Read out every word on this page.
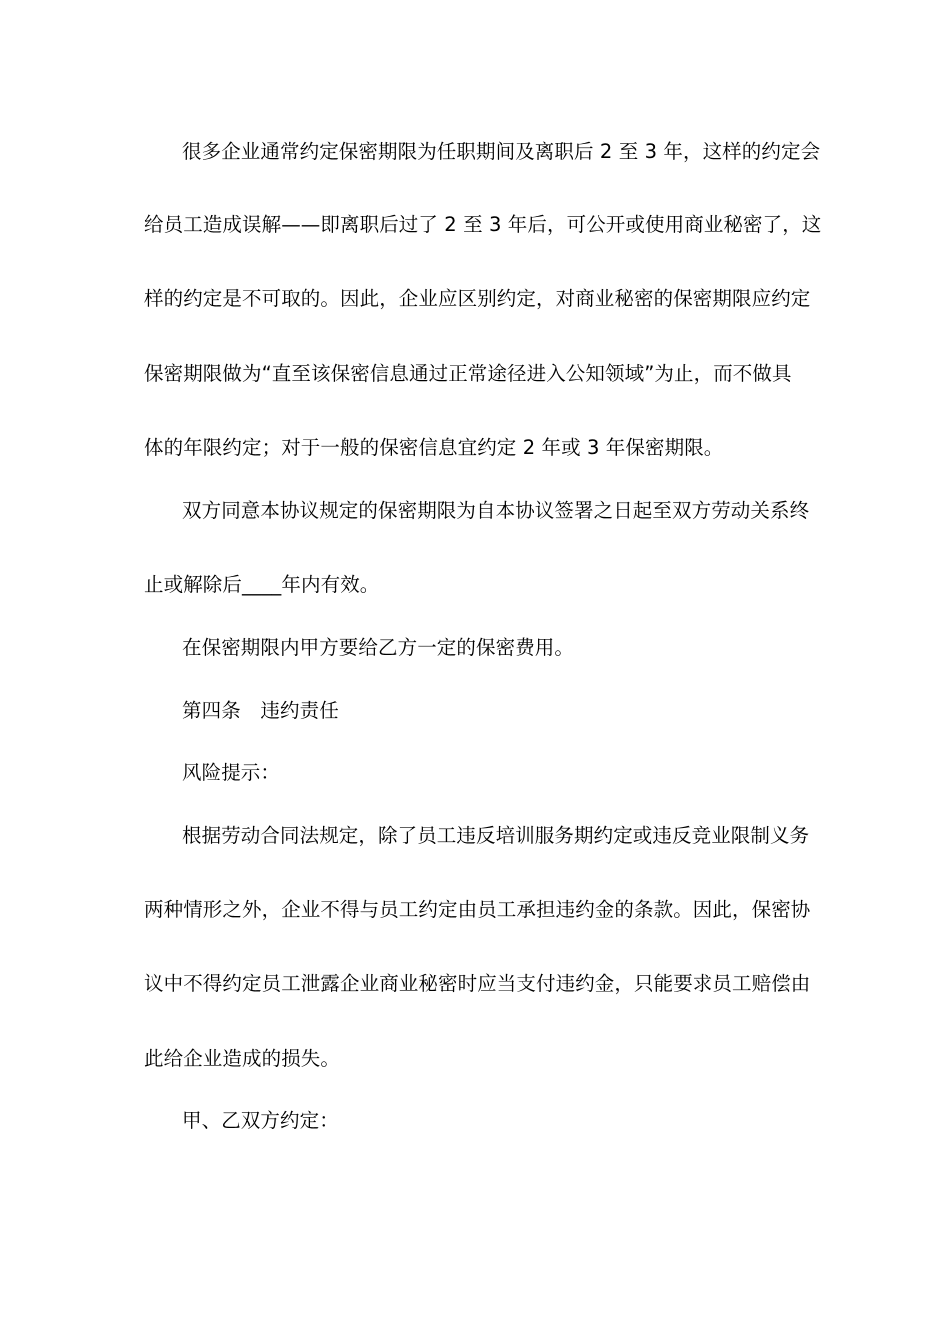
很多企业通常约定保密期限为任职期间及离职后 2 至 3 年，这样的约定会
给员工造成误解——即离职后过了 2 至 3 年后，可公开或使用商业秘密了，这
样的约定是不可取的。因此，企业应区别约定，对商业秘密的保密期限应约定
保密期限做为“直至该保密信息通过正常途径进入公知领域”为止，而不做具
体的年限约定；对于一般的保密信息宜约定 2 年或 3 年保密期限。
双方同意本协议规定的保密期限为自本协议签署之日起至双方劳动关系终
止或解除后____年内有效。
在保密期限内甲方要给乙方一定的保密费用。
第四条　违约责任
风险提示：
根据劳动合同法规定，除了员工违反培训服务期约定或违反竞业限制义务
两种情形之外，企业不得与员工约定由员工承担违约金的条款。因此，保密协
议中不得约定员工泄露企业商业秘密时应当支付违约金，只能要求员工赔偿由
此给企业造成的损失。
甲、乙双方约定：
